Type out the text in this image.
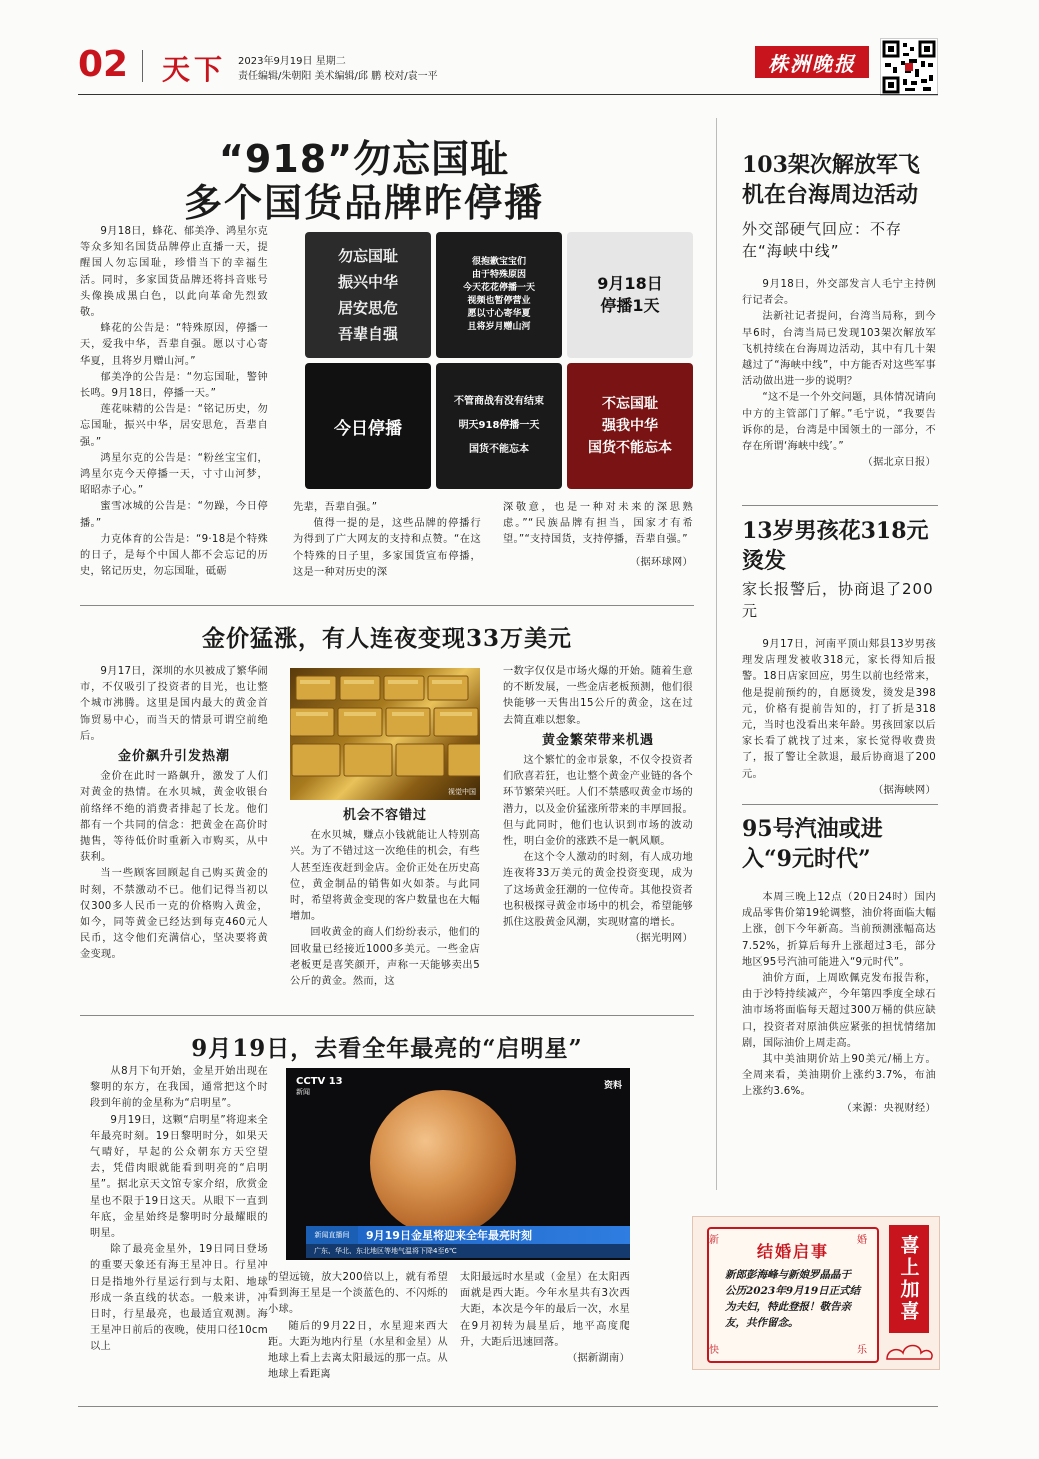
02 天下 2023年9月19日 星期二
责任编辑/朱朝阳 美术编辑/邱 鹏 校对/袁一平
株洲晚报
“918”勿忘国耻
多个国货品牌昨停播

9月18日，蜂花、郁美净、鸿星尔克等众多知名国货品牌停止直播一天，提醒国人勿忘国耻，珍惜当下的幸福生活。同时，多家国货品牌还将抖音账号头像换成黑白色，以此向革命先烈致敬。

蜂花的公告是：“特殊原因，停播一天，爱我中华，吾辈自强。愿以寸心寄华夏，且将岁月赠山河。”

郁美净的公告是：“勿忘国耻，警钟长鸣。9月18日，停播一天。”

莲花味精的公告是：“铭记历史，勿忘国耻，振兴中华，居安思危，吾辈自强。”

鸿星尔克的公告是：“粉丝宝宝们，鸿星尔克今天停播一天，寸寸山河梦，昭昭赤子心。”

蜜雪冰城的公告是：“勿躁，今日停播。”

力克体育的公告是：“9·18是个特殊的日子，是每个中国人都不会忘记的历史，铭记历史，勿忘国耻，砥砺

勿忘国耻
振兴中华
居安思危
吾辈自强
很抱歉宝宝们
由于特殊原因
今天花花停播一天
视频也暂停营业
愿以寸心寄华夏
且将岁月赠山河
9月18日
停播1天
今日停播
不管商战有没有结束
明天918停播一天
国货不能忘本
不忘国耻
强我中华
国货不能忘本

先辈，吾辈自强。”

值得一提的是，这些品牌的停播行为得到了广大网友的支持和点赞。“在这个特殊的日子里，多家国货宣布停播，这是一种对历史的深

深敬意，也是一种对未来的深思熟虑。”“民族品牌有担当，国家才有希望。”“支持国货，支持停播，吾辈自强。”

（据环球网）
金价猛涨，有人连夜变现33万美元

9月17日，深圳的水贝被成了繁华闹市，不仅吸引了投资者的目光，也让整个城市沸腾。这里是国内最大的黄金首饰贸易中心，而当天的情景可谓空前绝后。

金价飙升引发热潮

金价在此时一路飙升，激发了人们对黄金的热情。在水贝城，黄金收银台前络绎不绝的消费者排起了长龙。他们都有一个共同的信念：把黄金在高价时抛售，等待低价时重新入市购买，从中获利。

当一些顾客回顾起自己购买黄金的时刻，不禁激动不已。他们记得当初以仅300多人民币一克的价格购入黄金，如今，同等黄金已经达到每克460元人民币，这令他们充满信心，坚决要将黄金变现。

视觉中国
机会不容错过

在水贝城，赚点小钱就能让人特别高兴。为了不错过这一次绝佳的机会，有些人甚至连夜赶到金店。金价正处在历史高位，黄金制品的销售如火如荼。与此同时，希望将黄金变现的客户数量也在大幅增加。

回收黄金的商人们纷纷表示，他们的回收量已经接近1000多美元。一些金店老板更是喜笑颜开，声称一天能够卖出5公斤的黄金。然而，这

一数字仅仅是市场火爆的开始。随着生意的不断发展，一些金店老板预测，他们很快能够一天售出15公斤的黄金，这在过去简直难以想象。

黄金繁荣带来机遇

这个繁忙的金市景象，不仅令投资者们欣喜若狂，也让整个黄金产业链的各个环节繁荣兴旺。人们不禁感叹黄金市场的潜力，以及金价猛涨所带来的丰厚回报。但与此同时，他们也认识到市场的波动性，明白金价的涨跌不是一帆风顺。

在这个令人激动的时刻，有人成功地连夜将33万美元的黄金投资变现，成为了这场黄金狂潮的一位传奇。其他投资者也积极探寻黄金市场中的机会，希望能够抓住这股黄金风潮，实现财富的增长。

（据光明网）
9月19日，去看全年最亮的“启明星”

从8月下旬开始，金星开始出现在黎明的东方，在我国，通常把这个时段到年前的金星称为“启明星”。

9月19日，这颗“启明星”将迎来全年最亮时刻。19日黎明时分，如果天气晴好，早起的公众朝东方天空望去，凭借肉眼就能看到明亮的“启明星”。据北京天文馆专家介绍，欣赏金星也不限于19日这天。从眼下一直到年底，金星始终是黎明时分最耀眼的明星。

除了最亮金星外，19日同日登场的重要天象还有海王星冲日。行星冲日是指地外行星运行到与太阳、地球形成一条直线的状态。一般来讲，冲日时，行星最亮，也最适宜观测。海王星冲日前后的夜晚，使用口径10cm以上

CCTV 13
新闻
资料
新闻直播间	9月19日金星将迎来全年最亮时刻
广东、华北、东北地区等地气温将下降4至6℃

的望远镜，放大200倍以上，就有希望看到海王星是一个淡蓝色的、不闪烁的小球。

随后的9月22日，水星迎来西大距。大距为地内行星（水星和金星）从地球上看上去离太阳最远的那一点。从地球上看距离

太阳最远时水星或（金星）在太阳西面就是西大距。今年水星共有3次西大距，本次是今年的最后一次，水星在9月初转为晨星后，地平高度爬升，大距后迅速回落。

（据新湖南）
103架次解放军飞机在台海周边活动
外交部硬气回应：不存在“海峡中线”

9月18日，外交部发言人毛宁主持例行记者会。

法新社记者提问，台湾当局称，到今早6时，台湾当局已发现103架次解放军飞机持续在台海周边活动，其中有几十架越过了“海峡中线”，中方能否对这些军事活动做出进一步的说明？

“这不是一个外交问题，具体情况请向中方的主管部门了解。”毛宁说，“我要告诉你的是，台湾是中国领土的一部分，不存在所谓‘海峡中线’。”

（据北京日报）
13岁男孩花318元烫发
家长报警后，协商退了200元

9月17日，河南平顶山郏县13岁男孩理发店理发被收318元，家长得知后报警。18日店家回应，男生以前也经常来，他是提前预约的，自愿烫发，烫发是398元，价格有提前告知的，打了折是318元，当时也没看出来年龄。男孩回家以后家长看了就找了过来，家长觉得收费贵了，报了警让全款退，最后协商退了200元。

（据海峡网）
95号汽油或进入“9元时代”

本周三晚上12点（20日24时）国内成品零售价第19轮调整，油价将面临大幅上涨，创下今年新高。当前预测涨幅高达7.52%，折算后每升上涨超过3毛，部分地区95号汽油可能进入“9元时代”。

油价方面，上周欧佩克发布报告称，由于沙特持续减产，今年第四季度全球石油市场将面临每天超过300万桶的供应缺口，投资者对原油供应紧张的担忧情绪加剧，国际油价上周走高。

其中美油期价站上90美元/桶上方。全周来看，美油期价上涨约3.7%，布油上涨约3.6%。

（来源：央视财经）
新	婚
快	乐
结婚启事
新郎彭海峰与新娘罗晶晶于公历2023年9月19日正式结为夫妇，特此登报！敬告亲友，共作留念。	喜上加喜
